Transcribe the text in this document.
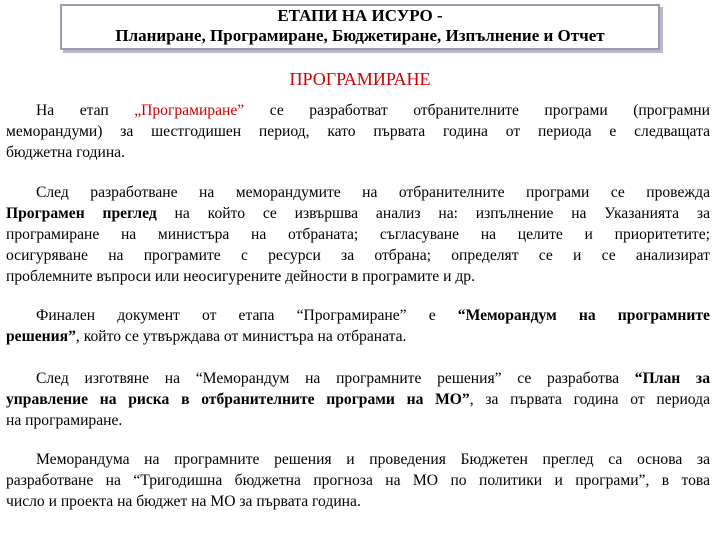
ЕТАПИ НА ИСУРО -
Планиране, Програмиране, Бюджетиране, Изпълнение и Отчет
ПРОГРАМИРАНЕ
На етап „Програмиране” се разработват отбранителните програми (програмни
меморандуми) за шестгодишен период, като първата година от периода е следващата
бюджетна година.
След разработване на меморандумите на отбранителните програми се провежда
Програмен преглед на който се извършва анализ на: изпълнение на Указанията за
програмиране на министъра на отбраната; съгласуване на целите и приоритетите;
осигуряване на програмите с ресурси за отбрана; определят се и се анализират
проблемните въпроси или неосигурените дейности в програмите и др.
Финален документ от етапа “Програмиране” е “Меморандум на програмните
решения”, който се утвърждава от министъра на отбраната.
След изготвяне на “Меморандум на програмните решения” се разработва “План за
управление на риска в отбранителните програми на МО”, за първата година от периода
на програмиране.
Меморандума на програмните решения и проведения Бюджетен преглед са основа за
разработване на “Тригодишна бюджетна прогноза на МО по политики и програми”, в това
число и проекта на бюджет на МО за първата година.
